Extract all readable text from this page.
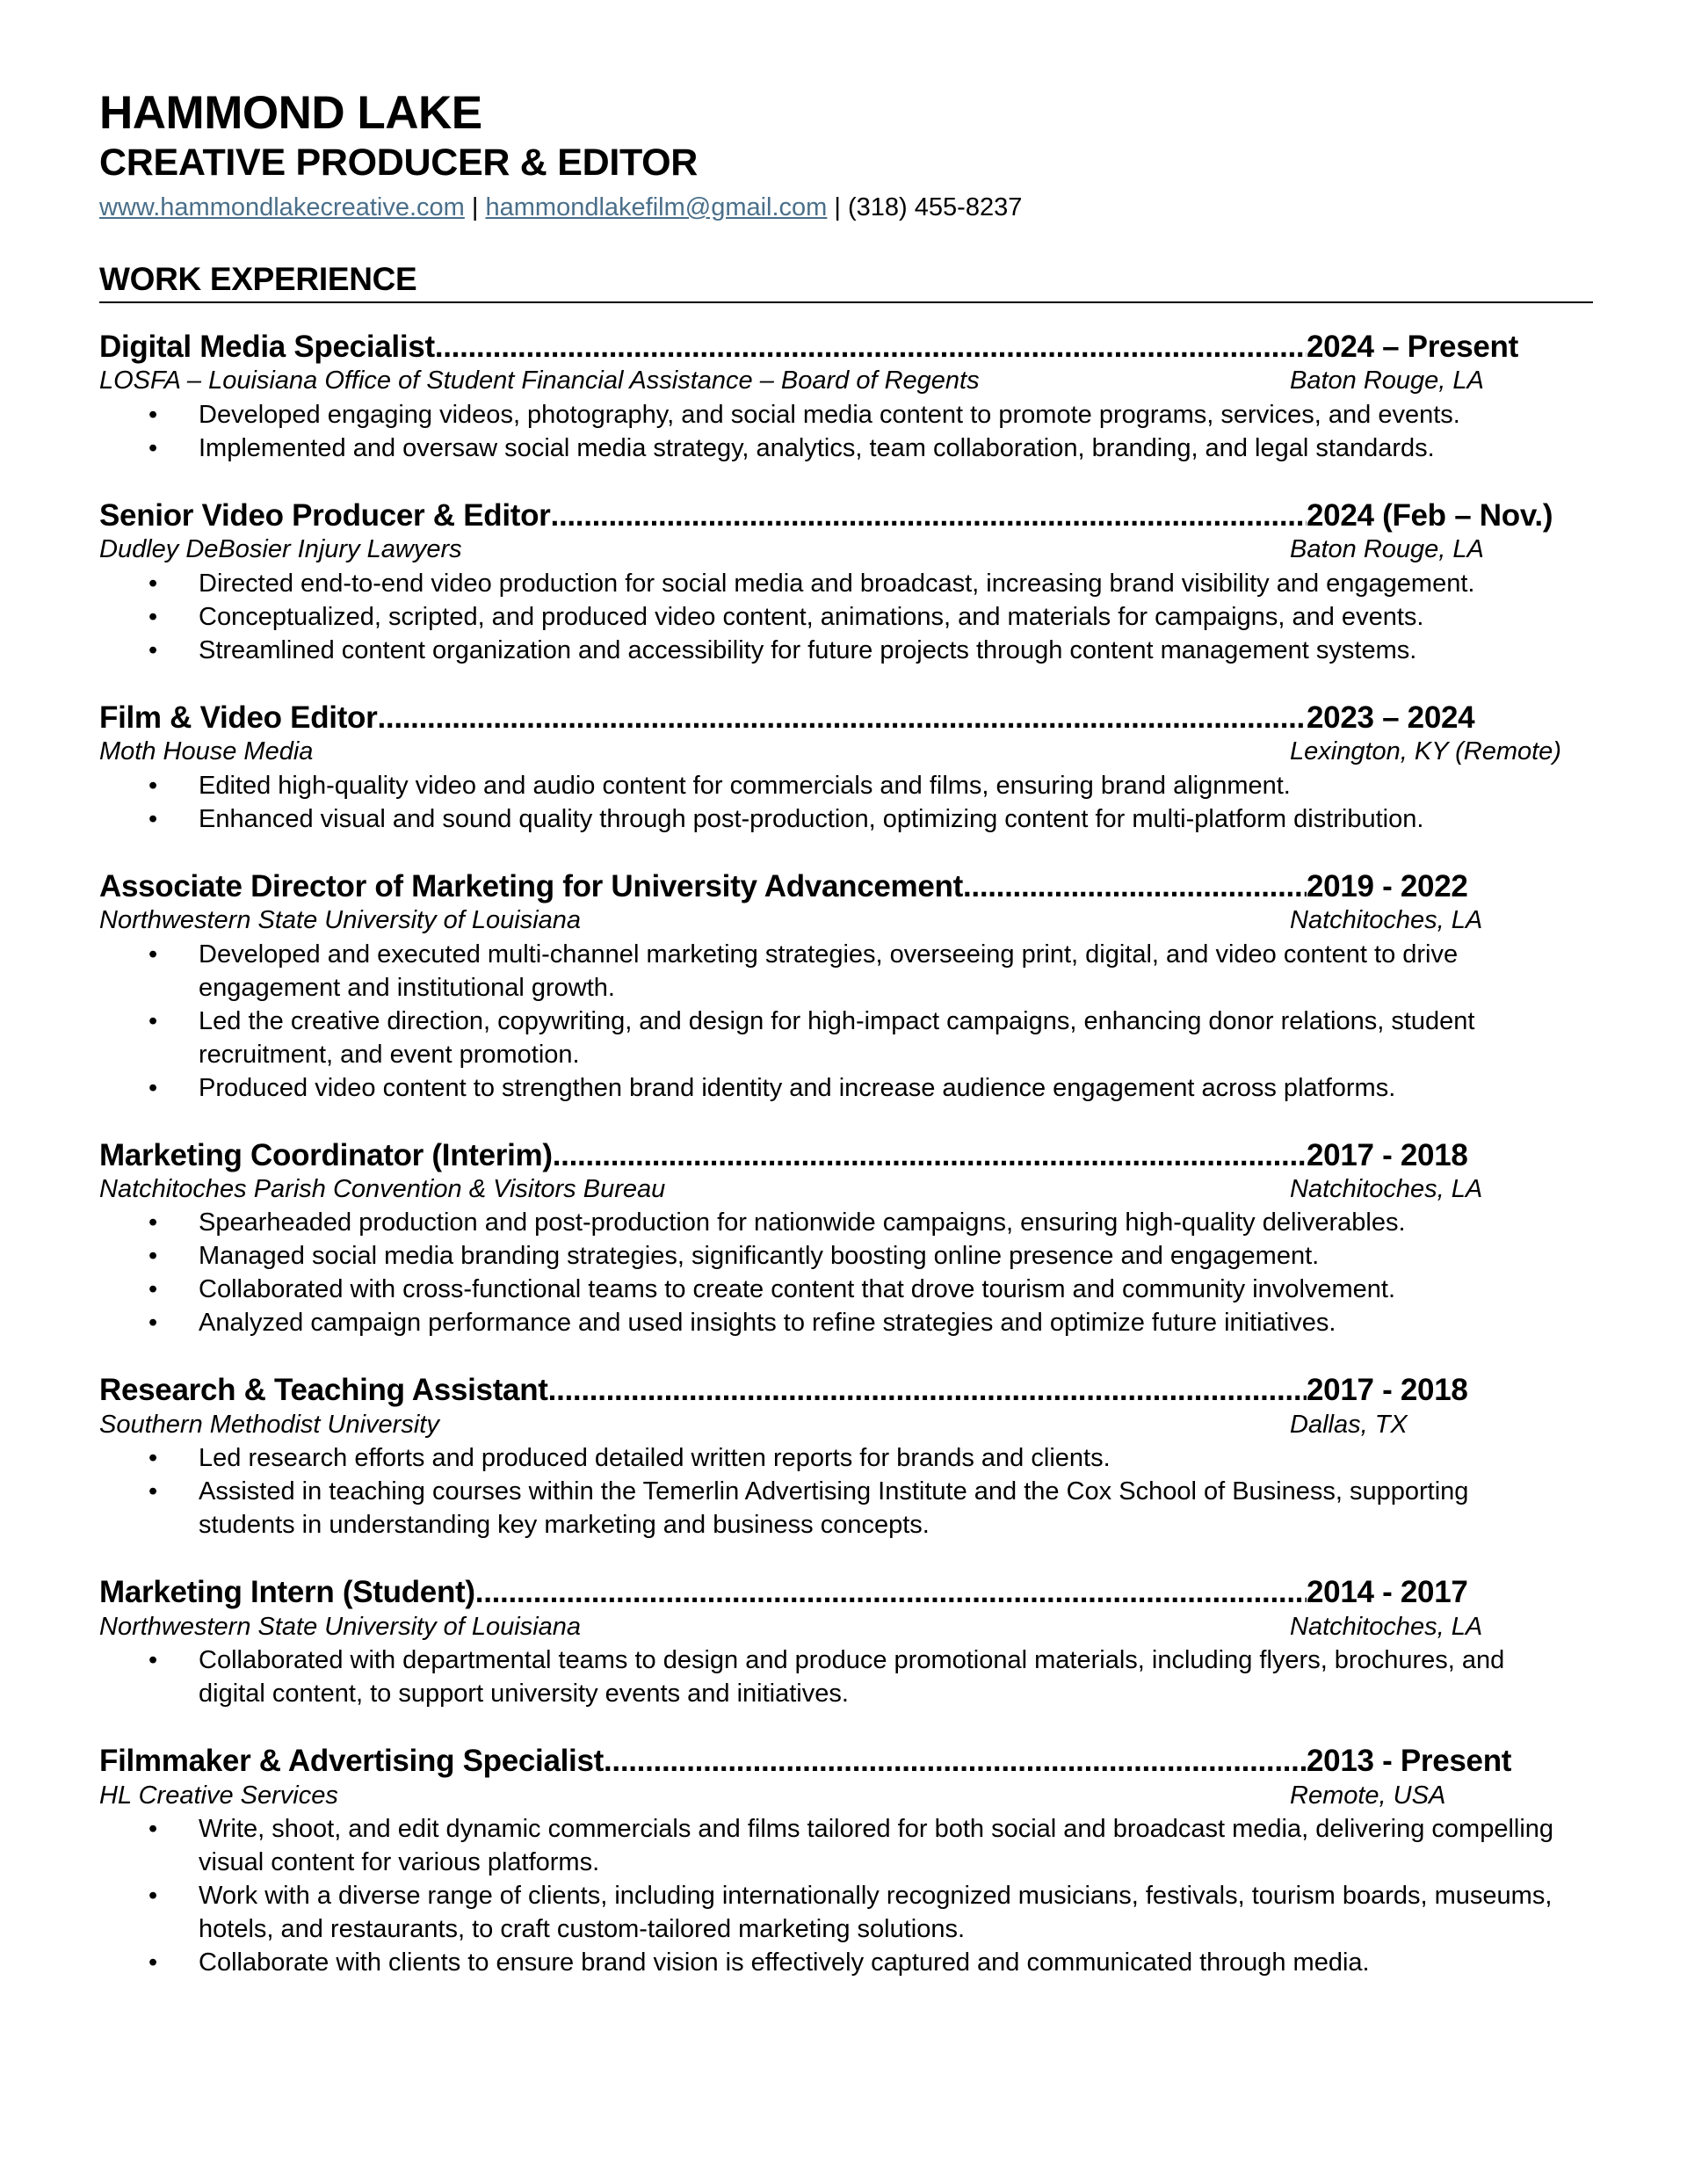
HAMMOND LAKE
CREATIVE PRODUCER & EDITOR
www.hammondlakecreative.com | hammondlakefilm@gmail.com | (318) 455-8237
WORK EXPERIENCE
Digital Media Specialist .....	2024 – Present
LOSFA – Louisiana Office of Student Financial Assistance – Board of Regents	Baton Rouge, LA
• Developed engaging videos, photography, and social media content to promote programs, services, and events.
• Implemented and oversaw social media strategy, analytics, team collaboration, branding, and legal standards.
Senior Video Producer & Editor .....	2024 (Feb – Nov.)
Dudley DeBosier Injury Lawyers	Baton Rouge, LA
• Directed end-to-end video production for social media and broadcast, increasing brand visibility and engagement.
• Conceptualized, scripted, and produced video content, animations, and materials for campaigns, and events.
• Streamlined content organization and accessibility for future projects through content management systems.
Film & Video Editor .....	2023 – 2024
Moth House Media	Lexington, KY (Remote)
• Edited high-quality video and audio content for commercials and films, ensuring brand alignment.
• Enhanced visual and sound quality through post-production, optimizing content for multi-platform distribution.
Associate Director of Marketing for University Advancement .....	2019 - 2022
Northwestern State University of Louisiana	Natchitoches, LA
• Developed and executed multi-channel marketing strategies, overseeing print, digital, and video content to drive engagement and institutional growth.
• Led the creative direction, copywriting, and design for high-impact campaigns, enhancing donor relations, student recruitment, and event promotion.
• Produced video content to strengthen brand identity and increase audience engagement across platforms.
Marketing Coordinator (Interim) .....	2017 - 2018
Natchitoches Parish Convention & Visitors Bureau	Natchitoches, LA
• Spearheaded production and post-production for nationwide campaigns, ensuring high-quality deliverables.
• Managed social media branding strategies, significantly boosting online presence and engagement.
• Collaborated with cross-functional teams to create content that drove tourism and community involvement.
• Analyzed campaign performance and used insights to refine strategies and optimize future initiatives.
Research & Teaching Assistant .....	2017 - 2018
Southern Methodist University	Dallas, TX
• Led research efforts and produced detailed written reports for brands and clients.
• Assisted in teaching courses within the Temerlin Advertising Institute and the Cox School of Business, supporting students in understanding key marketing and business concepts.
Marketing Intern (Student) .....	2014 - 2017
Northwestern State University of Louisiana	Natchitoches, LA
• Collaborated with departmental teams to design and produce promotional materials, including flyers, brochures, and digital content, to support university events and initiatives.
Filmmaker & Advertising Specialist .....	2013 - Present
HL Creative Services	Remote, USA
• Write, shoot, and edit dynamic commercials and films tailored for both social and broadcast media, delivering compelling visual content for various platforms.
• Work with a diverse range of clients, including internationally recognized musicians, festivals, tourism boards, museums, hotels, and restaurants, to craft custom-tailored marketing solutions.
• Collaborate with clients to ensure brand vision is effectively captured and communicated through media.
